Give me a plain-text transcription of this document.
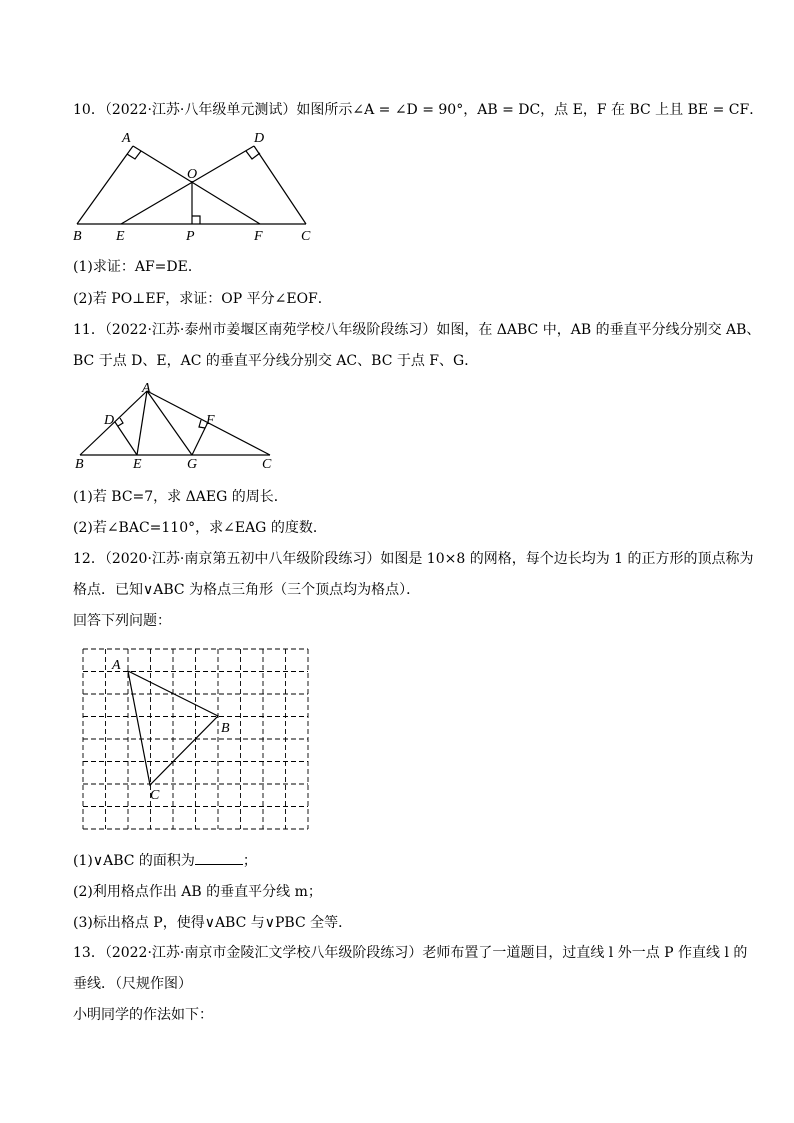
10．（2022·江苏·八年级单元测试）如图所示∠A = ∠D = 90°，AB = DC，点 E，F 在 BC 上且 BE = CF．
A	D
O
B E	P	F	C
(1)求证：AF=DE．
(2)若 PO⊥EF，求证：OP 平分∠EOF．
11．（2022·江苏·泰州市姜堰区南苑学校八年级阶段练习）如图，在 ΔABC 中，AB 的垂直平分线分别交 AB、
BC 于点 D、E，AC 的垂直平分线分别交 AC、BC 于点 F、G．
A
D	F
B	E	G	C
(1)若 BC=7，求 ΔAEG 的周长．
(2)若∠BAC=110°，求∠EAG 的度数．
12．（2020·江苏·南京第五初中八年级阶段练习）如图是 10×8 的网格，每个边长均为 1 的正方形的顶点称为
格点．已知∨ABC 为格点三角形（三个顶点均为格点）．
回答下列问题：
A
B
C
(1)∨ABC 的面积为	；
(2)利用格点作出 AB 的垂直平分线 m；
(3)标出格点 P，使得∨ABC 与∨PBC 全等．
13．（2022·江苏·南京市金陵汇文学校八年级阶段练习）老师布置了一道题目，过直线 l 外一点 P 作直线 l 的
垂线．（尺规作图）
小明同学的作法如下：
